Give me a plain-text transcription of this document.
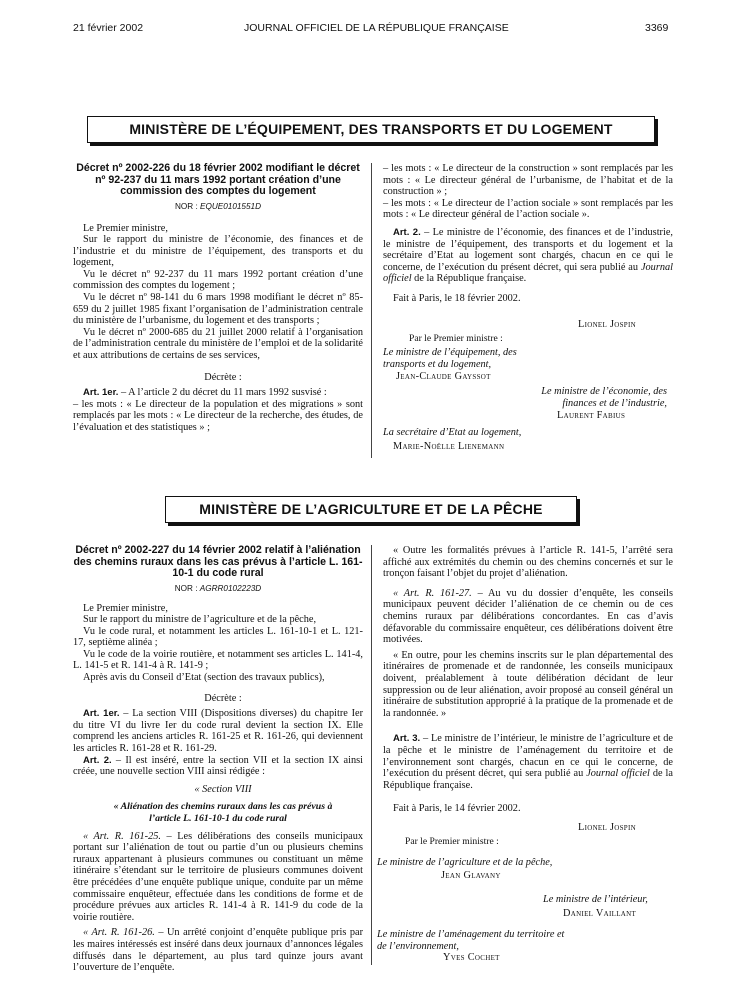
21 février 2002	JOURNAL OFFICIEL DE LA RÉPUBLIQUE FRANÇAISE	3369
MINISTÈRE DE L’ÉQUIPEMENT, DES TRANSPORTS ET DU LOGEMENT
Décret nº 2002-226 du 18 février 2002 modifiant le décret nº 92-237 du 11 mars 1992 portant création d’une commission des comptes du logement
NOR : EQUE0101551D

Le Premier ministre,

Sur le rapport du ministre de l’économie, des finances et de l’industrie et du ministre de l’équipement, des transports et du logement,

Vu le décret nº 92-237 du 11 mars 1992 portant création d’une commission des comptes du logement ;

Vu le décret nº 98-141 du 6 mars 1998 modifiant le décret nº 85-659 du 2 juillet 1985 fixant l’organisation de l’administration centrale du ministère de l’urbanisme, du logement et des transports ;

Vu le décret nº 2000-685 du 21 juillet 2000 relatif à l’organisation de l’administration centrale du ministère de l’emploi et de la solidarité et aux attributions de certains de ses services,

Décrète :

Art. 1er. – A l’article 2 du décret du 11 mars 1992 susvisé :

– les mots : « Le directeur de la population et des migrations » sont remplacés par les mots : « Le directeur de la recherche, des études, de l’évaluation et des statistiques » ;

– les mots : « Le directeur de la construction » sont remplacés par les mots : « Le directeur général de l’urbanisme, de l’habitat et de la construction » ;

– les mots : « Le directeur de l’action sociale » sont remplacés par les mots : « Le directeur général de l’action sociale ».

Art. 2. – Le ministre de l’économie, des finances et de l’industrie, le ministre de l’équipement, des transports et du logement et la secrétaire d’Etat au logement sont chargés, chacun en ce qui le concerne, de l’exécution du présent décret, qui sera publié au Journal officiel de la République française.

Fait à Paris, le 18 février 2002.

Lionel Jospin
Par le Premier ministre :
Le ministre de l’équipement, des transports et du logement,
Jean-Claude Gayssot
Le ministre de l’économie, des finances et de l’industrie,
Laurent Fabius
La secrétaire d’Etat au logement,
Marie-Noëlle Lienemann
MINISTÈRE DE L’AGRICULTURE ET DE LA PÊCHE
Décret nº 2002-227 du 14 février 2002 relatif à l’aliénation des chemins ruraux dans les cas prévus à l’article L. 161-10-1 du code rural
NOR : AGRR0102223D

Le Premier ministre,

Sur le rapport du ministre de l’agriculture et de la pêche,

Vu le code rural, et notamment les articles L. 161-10-1 et L. 121-17, septième alinéa ;

Vu le code de la voirie routière, et notamment ses articles L. 141-4, L. 141-5 et R. 141-4 à R. 141-9 ;

Après avis du Conseil d’Etat (section des travaux publics),

Décrète :

Art. 1er. – La section VIII (Dispositions diverses) du chapitre Ier du titre VI du livre Ier du code rural devient la section IX. Elle comprend les anciens articles R. 161-25 et R. 161-26, qui deviennent les articles R. 161-28 et R. 161-29.

Art. 2. – Il est inséré, entre la section VII et la section IX ainsi créée, une nouvelle section VIII ainsi rédigée :

« Section VIII

« Aliénation des chemins ruraux dans les cas prévus à l’article L. 161-10-1 du code rural

« Art. R. 161-25. – Les délibérations des conseils municipaux portant sur l’aliénation de tout ou partie d’un ou plusieurs chemins ruraux appartenant à plusieurs communes ou constituant un même itinéraire s’étendant sur le territoire de plusieurs communes doivent être précédées d’une enquête publique unique, conduite par un même commissaire enquêteur, effectuée dans les conditions de forme et de procédure prévues aux articles R. 141-4 à R. 141-9 du code de la voirie routière.

« Art. R. 161-26. – Un arrêté conjoint d’enquête publique pris par les maires intéressés est inséré dans deux journaux d’annonces légales diffusés dans le département, au plus tard quinze jours avant l’ouverture de l’enquête.

« Outre les formalités prévues à l’article R. 141-5, l’arrêté sera affiché aux extrémités du chemin ou des chemins concernés et sur le tronçon faisant l’objet du projet d’aliénation.

« Art. R. 161-27. – Au vu du dossier d’enquête, les conseils municipaux peuvent décider l’aliénation de ce chemin ou de ces chemins ruraux par délibérations concordantes. En cas d’avis défavorable du commissaire enquêteur, ces délibérations doivent être motivées.

« En outre, pour les chemins inscrits sur le plan départemental des itinéraires de promenade et de randonnée, les conseils municipaux doivent, préalablement à toute délibération décidant de leur suppression ou de leur aliénation, avoir proposé au conseil général un itinéraire de substitution approprié à la pratique de la promenade et de la randonnée. »

Art. 3. – Le ministre de l’intérieur, le ministre de l’agriculture et de la pêche et le ministre de l’aménagement du territoire et de l’environnement sont chargés, chacun en ce qui le concerne, de l’exécution du présent décret, qui sera publié au Journal officiel de la République française.

Fait à Paris, le 14 février 2002.

Lionel Jospin
Par le Premier ministre :
Le ministre de l’agriculture et de la pêche,
Jean Glavany
Le ministre de l’intérieur,
Daniel Vaillant
Le ministre de l’aménagement du territoire et de l’environnement,
Yves Cochet
